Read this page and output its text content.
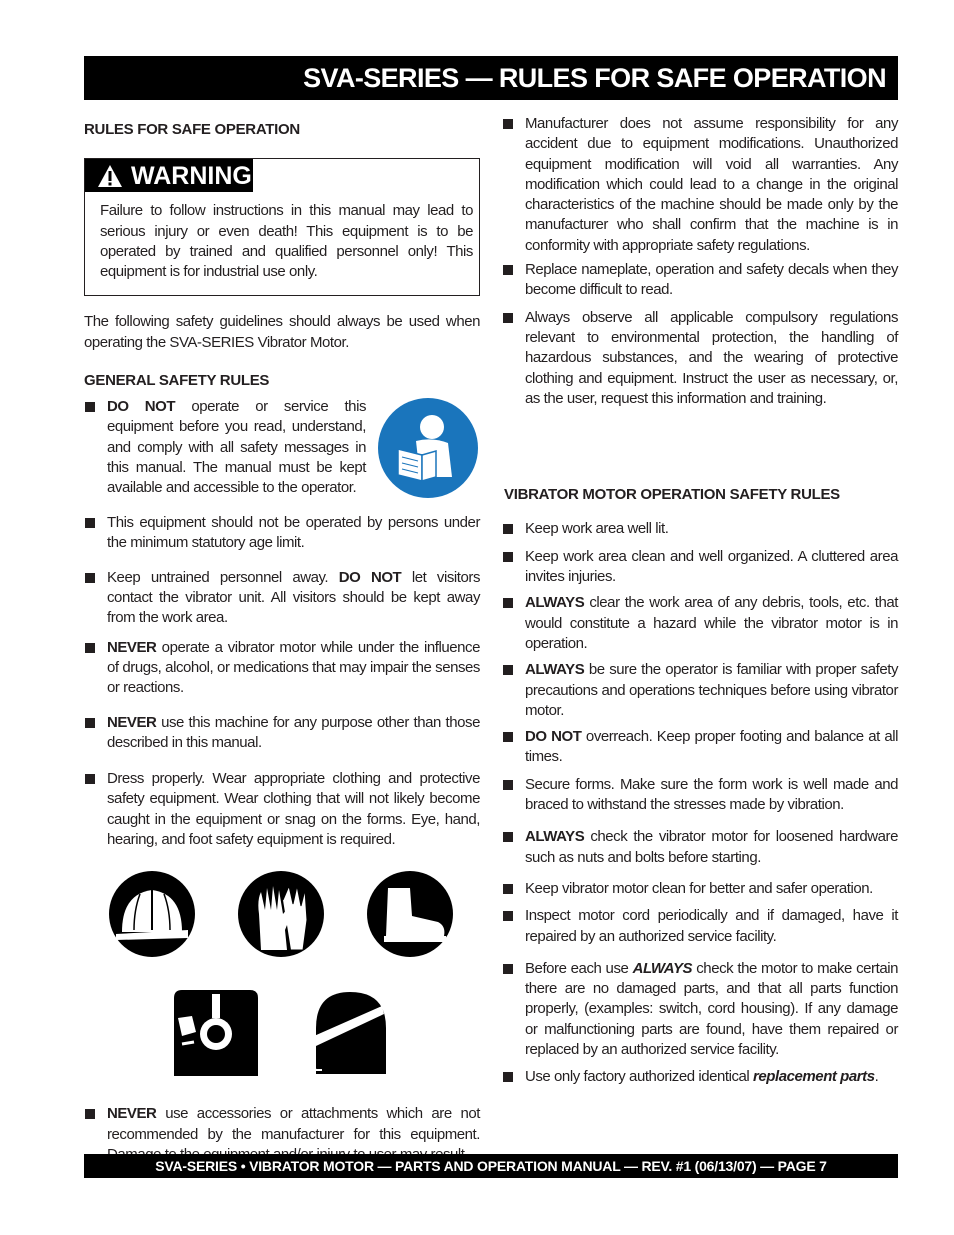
SVA-SERIES — RULES FOR SAFE OPERATION
RULES FOR SAFE OPERATION
WARNING
Failure to follow instructions in this manual may lead to serious injury or even death! This equipment is to be operated by trained and qualified personnel only! This equipment is for industrial use only.
The following safety guidelines should always be used when operating the SVA-SERIES Vibrator Motor.
GENERAL SAFETY RULES
DO NOT operate or service this equipment before you read, understand, and comply with all safety messages in this manual. The manual must be kept available and accessible to the operator.
This equipment should not be operated by persons under the minimum statutory age limit.
Keep untrained personnel away. DO NOT let visitors contact the vibrator unit. All visitors should be kept away from the work area.
NEVER operate a vibrator motor while under the influence of drugs, alcohol, or medications that may impair the senses or reactions.
NEVER use this machine for any purpose other than those described in this manual.
Dress properly. Wear appropriate clothing and protective safety equipment. Wear clothing that will not likely become caught in the equipment or snag on the forms. Eye, hand, hearing, and foot safety equipment is required.
NEVER use accessories or attachments which are not recommended by the manufacturer for this equipment.
Manufacturer does not assume responsibility for any accident due to equipment modifications. Unauthorized equipment modification will void all warranties. Any modification which could lead to a change in the original characteristics of the machine should be made only by the manufacturer who shall confirm that the machine is in conformity with appropriate safety regulations.
Replace nameplate, operation and safety decals when they become difficult to read.
Always observe all applicable compulsory regulations relevant to environmental protection, the handling of hazardous substances, and the wearing of protective clothing and equipment. Instruct the user as necessary, or, as the user, request this information and training.
VIBRATOR MOTOR OPERATION SAFETY RULES
Keep work area well lit.
Keep work area clean and well organized. A cluttered area invites injuries.
ALWAYS clear the work area of any debris, tools, etc. that would constitute a hazard while the vibrator motor is in operation.
ALWAYS be sure the operator is familiar with proper safety precautions and operations techniques before using vibrator motor.
DO NOT overreach. Keep proper footing and balance at all times.
Secure forms. Make sure the form work is well made and braced to withstand the stresses made by vibration.
ALWAYS check the vibrator motor for loosened hardware such as nuts and bolts before starting.
Keep vibrator motor clean for better and safer operation.
Inspect motor cord periodically and if damaged, have it repaired by an authorized service facility.
Before each use ALWAYS check the motor to make certain there are no damaged parts, and that all parts function properly, (examples: switch, cord housing). If any damage or malfunctioning parts are found, have them repaired or replaced by an authorized service facility.
Use only factory authorized identical replacement parts.
SVA-SERIES • VIBRATOR MOTOR — PARTS AND OPERATION MANUAL — REV. #1 (06/13/07) — PAGE 7
